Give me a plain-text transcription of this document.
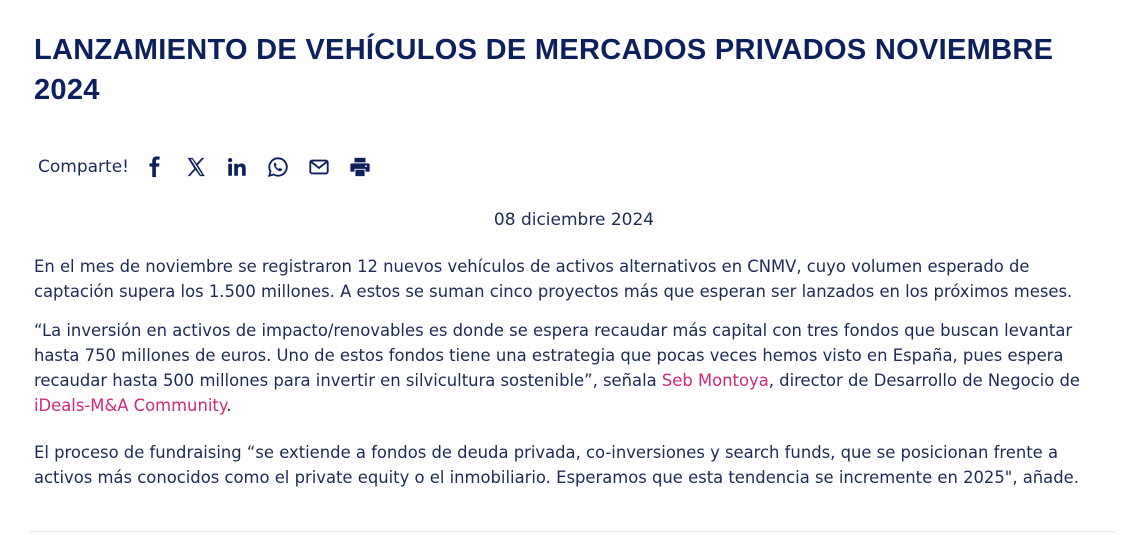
LANZAMIENTO DE VEHÍCULOS DE MERCADOS PRIVADOS NOVIEMBRE 2024
Comparte!
08 diciembre 2024

En el mes de noviembre se registraron 12 nuevos vehículos de activos alternativos en CNMV, cuyo volumen esperado de captación supera los 1.500 millones. A estos se suman cinco proyectos más que esperan ser lanzados en los próximos meses.

“La inversión en activos de impacto/renovables es donde se espera recaudar más capital con tres fondos que buscan levantar hasta 750 millones de euros. Uno de estos fondos tiene una estrategia que pocas veces hemos visto en España, pues espera recaudar hasta 500 millones para invertir en silvicultura sostenible”, señala Seb Montoya, director de Desarrollo de Negocio de iDeals-M&A Community.

El proceso de fundraising “se extiende a fondos de deuda privada, co-inversiones y search funds, que se posicionan frente a activos más conocidos como el private equity o el inmobiliario. Esperamos que esta tendencia se incremente en 2025", añade.
